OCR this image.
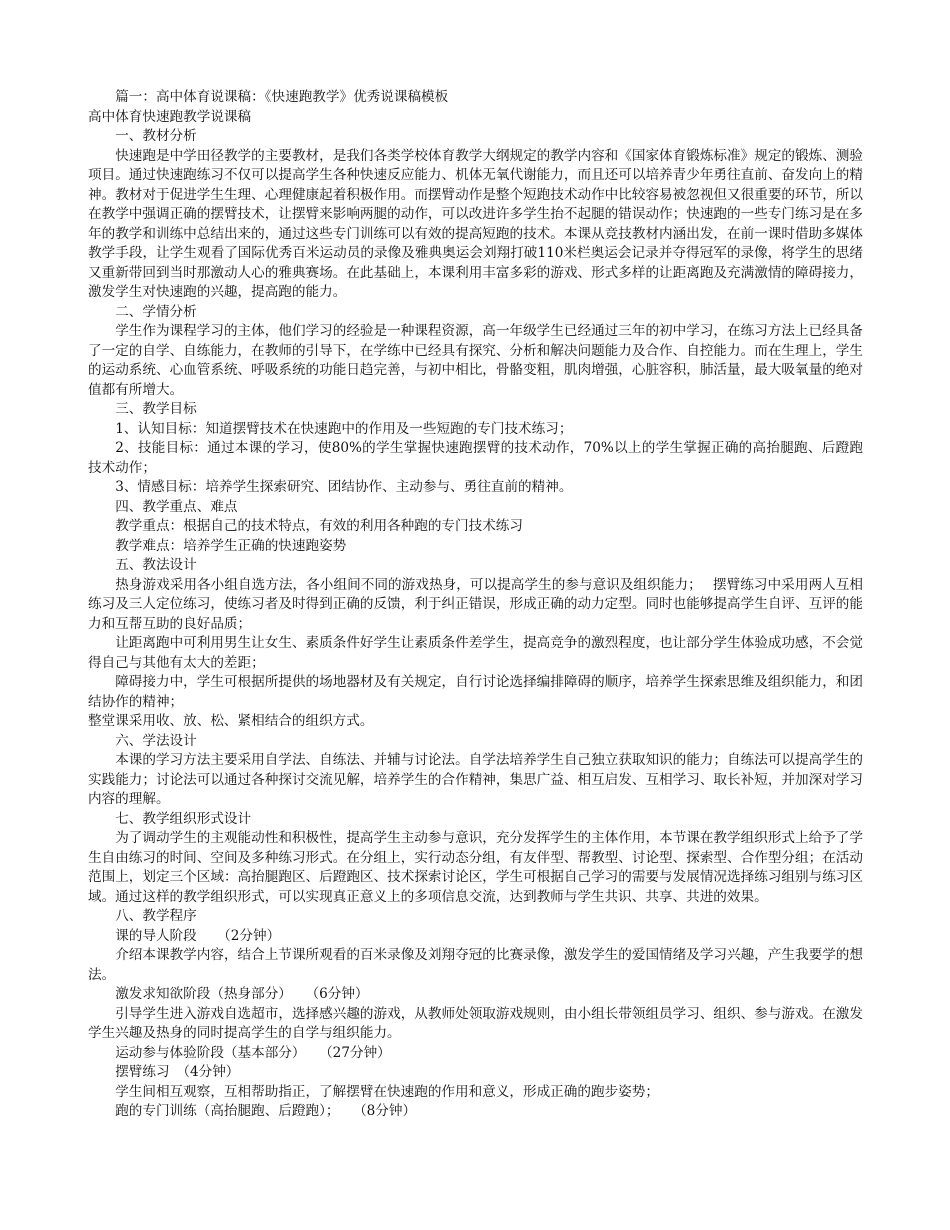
篇一：高中体育说课稿：《快速跑教学》优秀说课稿模板

高中体育快速跑教学说课稿

一、教材分析

快速跑是中学田径教学的主要教材，是我们各类学校体育教学大纲规定的教学内容和《国家体育锻炼标准》规定的锻炼、测验项目。通过快速跑练习不仅可以提高学生各种快速反应能力、机体无氧代谢能力，而且还可以培养青少年勇往直前、奋发向上的精神。教材对于促进学生生理、心理健康起着积极作用。而摆臂动作是整个短跑技术动作中比较容易被忽视但又很重要的环节，所以在教学中强调正确的摆臂技术，让摆臂来影响两腿的动作，可以改进许多学生抬不起腿的错误动作；快速跑的一些专门练习是在多年的教学和训练中总结出来的，通过这些专门训练可以有效的提高短跑的技术。本课从竞技教材内涵出发，在前一课时借助多媒体教学手段，让学生观看了国际优秀百米运动员的录像及雅典奥运会刘翔打破110米栏奥运会记录并夺得冠军的录像，将学生的思绪又重新带回到当时那激动人心的雅典赛场。在此基础上，本课利用丰富多彩的游戏、形式多样的让距离跑及充满激情的障碍接力，激发学生对快速跑的兴趣，提高跑的能力。

二、学情分析

学生作为课程学习的主体，他们学习的经验是一种课程资源，高一年级学生已经通过三年的初中学习，在练习方法上已经具备了一定的自学、自练能力，在教师的引导下，在学练中已经具有探究、分析和解决问题能力及合作、自控能力。而在生理上，学生的运动系统、心血管系统、呼吸系统的功能日趋完善，与初中相比，骨骼变粗，肌肉增强，心脏容积，肺活量，最大吸氧量的绝对值都有所增大。

三、教学目标

1、认知目标：知道摆臂技术在快速跑中的作用及一些短跑的专门技术练习；

2、技能目标：通过本课的学习，使80%的学生掌握快速跑摆臂的技术动作，70%以上的学生掌握正确的高抬腿跑、后蹬跑技术动作；

3、情感目标：培养学生探索研究、团结协作、主动参与、勇往直前的精神。

四、教学重点、难点

教学重点：根据自己的技术特点，有效的利用各种跑的专门技术练习

教学难点：培养学生正确的快速跑姿势

五、教法设计

热身游戏采用各小组自选方法，各小组间不同的游戏热身，可以提高学生的参与意识及组织能力；　 摆臂练习中采用两人互相练习及三人定位练习，使练习者及时得到正确的反馈，利于纠正错误，形成正确的动力定型。同时也能够提高学生自评、互评的能力和互帮互助的良好品质；

让距离跑中可利用男生让女生、素质条件好学生让素质条件差学生，提高竞争的激烈程度，也让部分学生体验成功感，不会觉得自己与其他有太大的差距；

障碍接力中，学生可根据所提供的场地器材及有关规定，自行讨论选择编排障碍的顺序，培养学生探索思维及组织能力，和团结协作的精神；

整堂课采用收、放、松、紧相结合的组织方式。

六、学法设计

本课的学习方法主要采用自学法、自练法、并辅与讨论法。自学法培养学生自己独立获取知识的能力；自练法可以提高学生的实践能力；讨论法可以通过各种探讨交流见解，培养学生的合作精神，集思广益、相互启发、互相学习、取长补短，并加深对学习内容的理解。

七、教学组织形式设计

为了调动学生的主观能动性和积极性，提高学生主动参与意识，充分发挥学生的主体作用，本节课在教学组织形式上给予了学生自由练习的时间、空间及多种练习形式。在分组上，实行动态分组，有友伴型、帮教型、讨论型、探索型、合作型分组；在活动范围上，划定三个区域：高抬腿跑区、后蹬跑区、技术探索讨论区，学生可根据自己学习的需要与发展情况选择练习组别与练习区域。通过这样的教学组织形式，可以实现真正意义上的多项信息交流，达到教师与学生共识、共享、共进的效果。

八、教学程序

课的导人阶段　　（2分钟）

介绍本课教学内容，结合上节课所观看的百米录像及刘翔夺冠的比赛录像，激发学生的爱国情绪及学习兴趣，产生我要学的想法。

激发求知欲阶段（热身部分）　　（6分钟）

引导学生进入游戏自选超市，选择感兴趣的游戏，从教师处领取游戏规则，由小组长带领组员学习、组织、参与游戏。在激发学生兴趣及热身的同时提高学生的自学与组织能力。

运动参与体验阶段（基本部分）　　（27分钟）

摆臂练习　（4分钟）

学生间相互观察，互相帮助指正，了解摆臂在快速跑的作用和意义，形成正确的跑步姿势；

跑的专门训练（高抬腿跑、后蹬跑）；　　（8分钟）
